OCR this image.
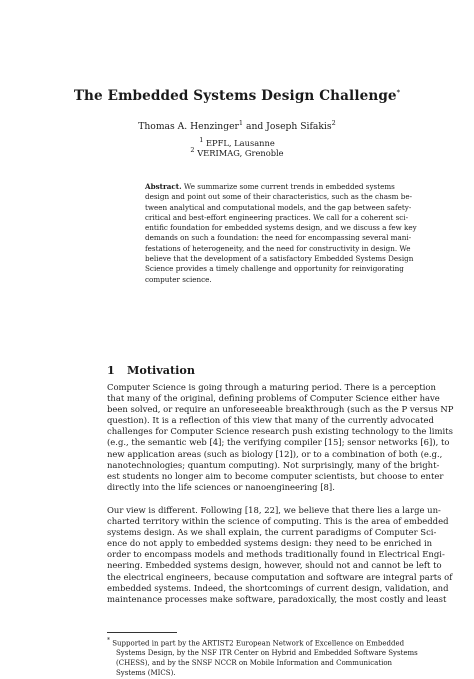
The Embedded Systems Design Challenge*
Thomas A. Henzinger$^1$ and Joseph Sifakis$^2$
$^1$ EPFL, Lausanne
$^2$ VERIMAG, Grenoble
Abstract. We summarize some current trends in embedded systems
design and point out some of their characteristics, such as the chasm be-
tween analytical and computational models, and the gap between safety-
critical and best-effort engineering practices. We call for a coherent sci-
entific foundation for embedded systems design, and we discuss a few key
demands on such a foundation: the need for encompassing several mani-
festations of heterogeneity, and the need for constructivity in design. We
believe that the development of a satisfactory Embedded Systems Design
Science provides a timely challenge and opportunity for reinvigorating
computer science.
1 Motivation
Computer Science is going through a maturing period. There is a perception
that many of the original, defining problems of Computer Science either have
been solved, or require an unforeseeable breakthrough (such as the P versus NP
question). It is a reflection of this view that many of the currently advocated
challenges for Computer Science research push existing technology to the limits
(e.g., the semantic web [4]; the verifying compiler [15]; sensor networks [6]), to
new application areas (such as biology [12]), or to a combination of both (e.g.,
nanotechnologies; quantum computing). Not surprisingly, many of the bright-
est students no longer aim to become computer scientists, but choose to enter
directly into the life sciences or nanoengineering [8].
Our view is different. Following [18, 22], we believe that there lies a large un-
charted territory within the science of computing. This is the area of embedded
systems design. As we shall explain, the current paradigms of Computer Sci-
ence do not apply to embedded systems design: they need to be enriched in
order to encompass models and methods traditionally found in Electrical Engi-
neering. Embedded systems design, however, should not and cannot be left to
the electrical engineers, because computation and software are integral parts of
embedded systems. Indeed, the shortcomings of current design, validation, and
maintenance processes make software, paradoxically, the most costly and least
* Supported in part by the ARTIST2 European Network of Excellence on Embedded
Systems Design, by the NSF ITR Center on Hybrid and Embedded Software Systems
(CHESS), and by the SNSF NCCR on Mobile Information and Communication
Systems (MICS).
